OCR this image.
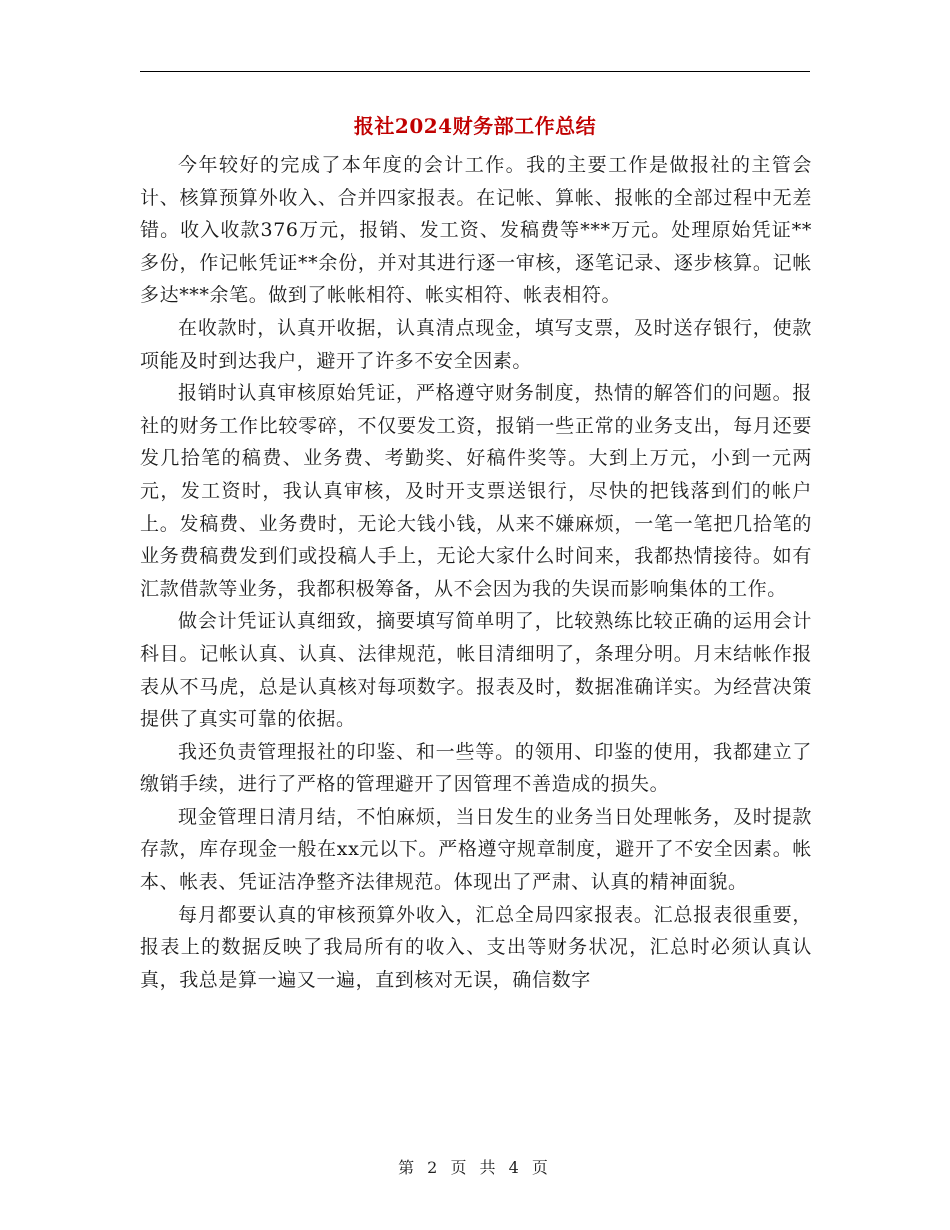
报社2024财务部工作总结

今年较好的完成了本年度的会计工作。我的主要工作是做报社的主管会计、核算预算外收入、合并四家报表。在记帐、算帐、报帐的全部过程中无差错。收入收款376万元，报销、发工资、发稿费等***万元。处理原始凭证**多份，作记帐凭证**余份，并对其进行逐一审核，逐笔记录、逐步核算。记帐多达***余笔。做到了帐帐相符、帐实相符、帐表相符。

在收款时，认真开收据，认真清点现金，填写支票，及时送存银行，使款项能及时到达我户，避开了许多不安全因素。

报销时认真审核原始凭证，严格遵守财务制度，热情的解答们的问题。报社的财务工作比较零碎，不仅要发工资，报销一些正常的业务支出，每月还要发几拾笔的稿费、业务费、考勤奖、好稿件奖等。大到上万元，小到一元两元，发工资时，我认真审核，及时开支票送银行，尽快的把钱落到们的帐户上。发稿费、业务费时，无论大钱小钱，从来不嫌麻烦，一笔一笔把几拾笔的业务费稿费发到们或投稿人手上，无论大家什么时间来，我都热情接待。如有汇款借款等业务，我都积极筹备，从不会因为我的失误而影响集体的工作。

做会计凭证认真细致，摘要填写简单明了，比较熟练比较正确的运用会计科目。记帐认真、认真、法律规范，帐目清细明了，条理分明。月末结帐作报表从不马虎，总是认真核对每项数字。报表及时，数据准确详实。为经营决策提供了真实可靠的依据。

我还负责管理报社的印鉴、和一些等。的领用、印鉴的使用，我都建立了缴销手续，进行了严格的管理避开了因管理不善造成的损失。

现金管理日清月结，不怕麻烦，当日发生的业务当日处理帐务，及时提款存款，库存现金一般在xx元以下。严格遵守规章制度，避开了不安全因素。帐本、帐表、凭证洁净整齐法律规范。体现出了严肃、认真的精神面貌。

每月都要认真的审核预算外收入，汇总全局四家报表。汇总报表很重要，报表上的数据反映了我局所有的收入、支出等财务状况，汇总时必须认真认真，我总是算一遍又一遍，直到核对无误，确信数字

第 2 页 共 4 页
